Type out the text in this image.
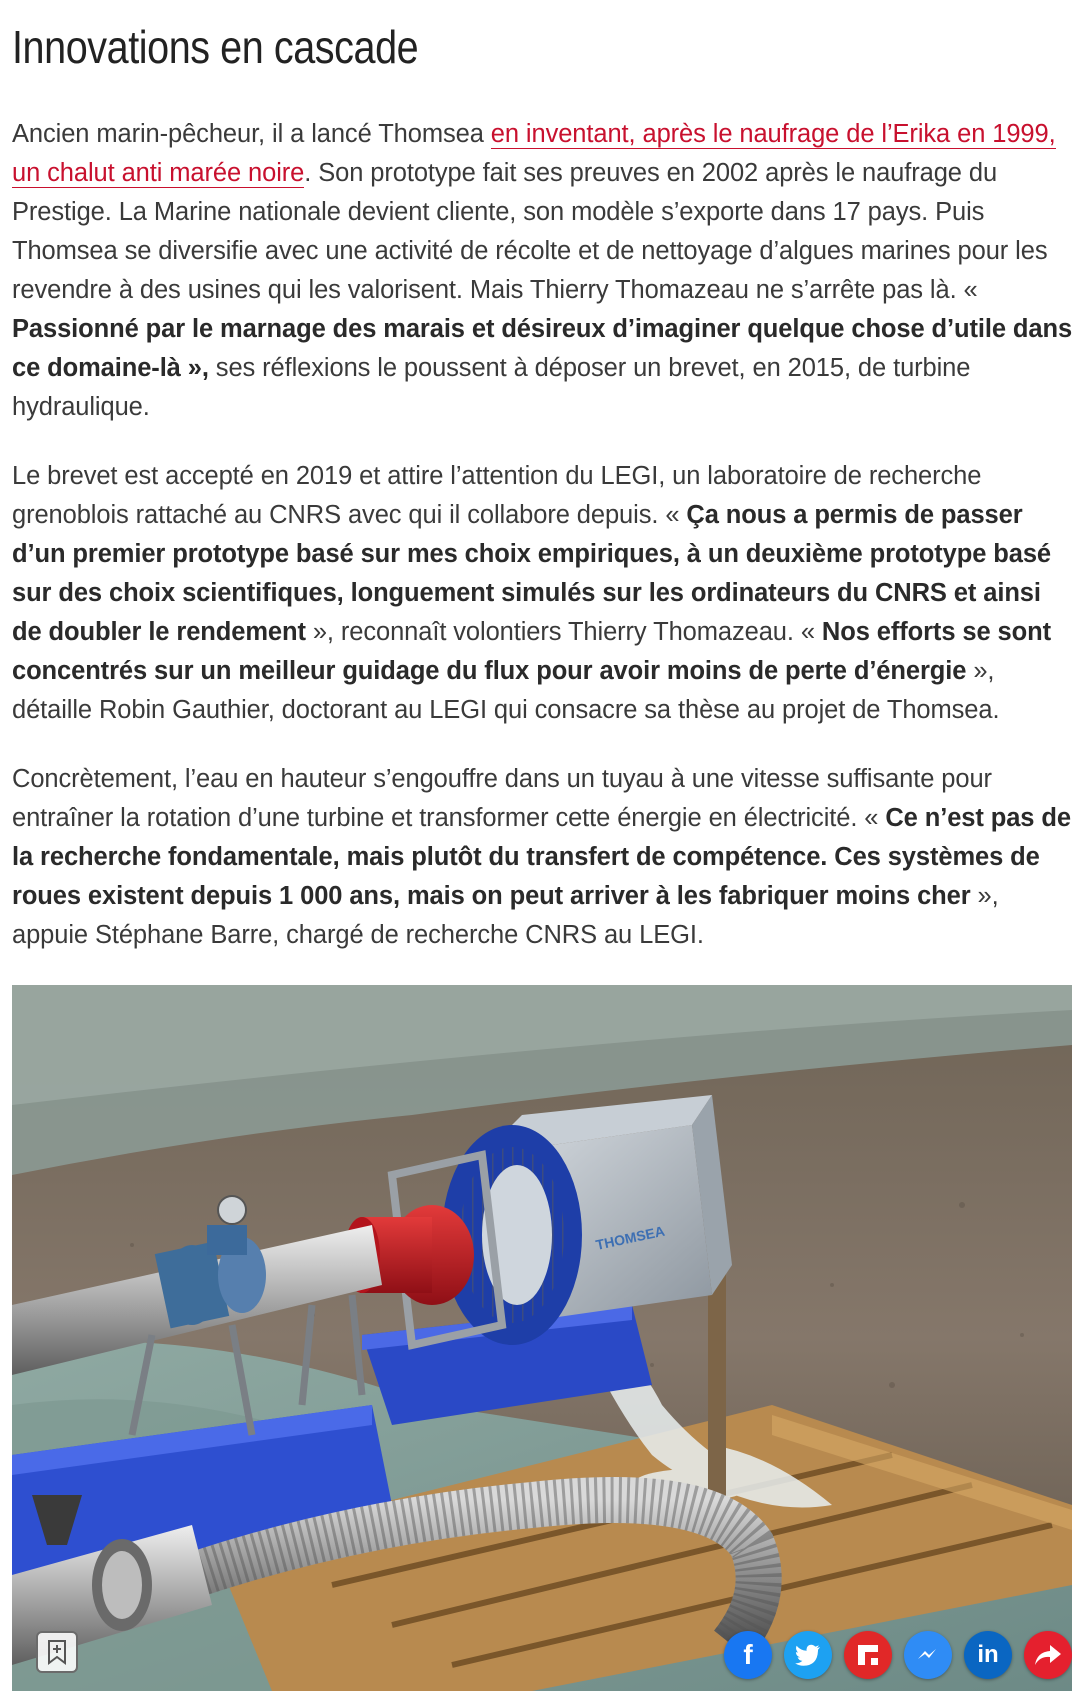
Innovations en cascade

Ancien marin-pêcheur, il a lancé Thomsea en inventant, après le naufrage de l’Erika en 1999, un chalut anti marée noire. Son prototype fait ses preuves en 2002 après le naufrage du Prestige. La Marine nationale devient cliente, son modèle s’exporte dans 17 pays. Puis Thomsea se diversifie avec une activité de récolte et de nettoyage d’algues marines pour les revendre à des usines qui les valorisent. Mais Thierry Thomazeau ne s’arrête pas là. « Passionné par le marnage des marais et désireux d’imaginer quelque chose d’utile dans ce domaine-là », ses réflexions le poussent à déposer un brevet, en 2015, de turbine hydraulique.

Le brevet est accepté en 2019 et attire l’attention du LEGI, un laboratoire de recherche grenoblois rattaché au CNRS avec qui il collabore depuis. « Ça nous a permis de passer d’un premier prototype basé sur mes choix empiriques, à un deuxième prototype basé sur des choix scientifiques, longuement simulés sur les ordinateurs du CNRS et ainsi de doubler le rendement », reconnaît volontiers Thierry Thomazeau. « Nos efforts se sont concentrés sur un meilleur guidage du flux pour avoir moins de perte d’énergie », détaille Robin Gauthier, doctorant au LEGI qui consacre sa thèse au projet de Thomsea.

Concrètement, l’eau en hauteur s’engouffre dans un tuyau à une vitesse suffisante pour entraîner la rotation d’une turbine et transformer cette énergie en électricité. « Ce n’est pas de la recherche fondamentale, mais plutôt du transfert de compétence. Ces systèmes de roues existent depuis 1 000 ans, mais on peut arriver à les fabriquer moins cher », appuie Stéphane Barre, chargé de recherche CNRS au LEGI.

THOMSEA
f	in
